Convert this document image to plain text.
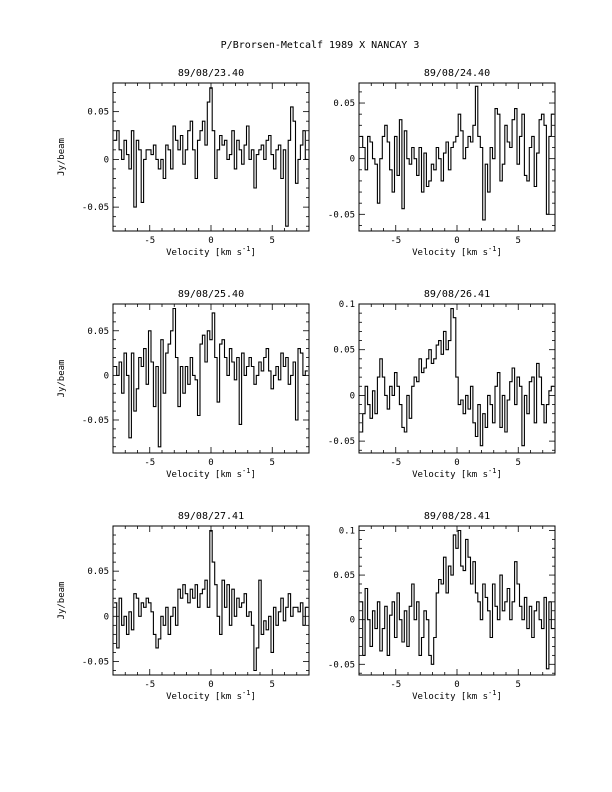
P/Brorsen-Metcalf 1989 X NANCAY 3
89/08/23.40
-5	0	5
-0.05
0
0.05
Velocity [km $s^{-1}$]
Jy/beam
89/08/24.40
-5	0	5
-0.05
0
0.05
Velocity [km $s^{-1}$]
89/08/25.40
-5	0	5
-0.05
0
0.05
Velocity [km $s^{-1}$]
Jy/beam
89/08/26.41
-5	0	5
-0.05
0
0.05
0.1
Velocity [km $s^{-1}$]
89/08/27.41
-5	0	5
-0.05
0
0.05
Velocity [km $s^{-1}$]
Jy/beam
89/08/28.41
-5	0	5
-0.05
0
0.05
0.1
Velocity [km $s^{-1}$]
